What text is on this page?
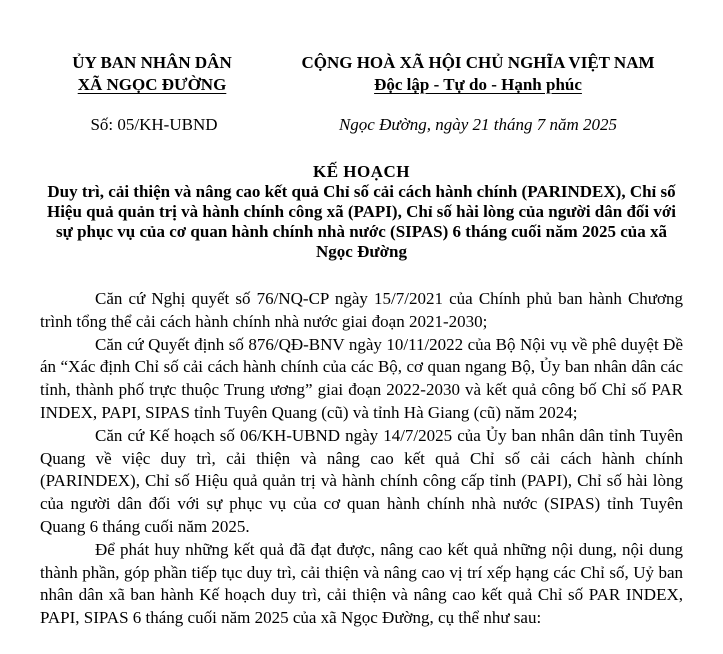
ỦY BAN NHÂN DÂN
XÃ NGỌC ĐƯỜNG
CỘNG HOÀ XÃ HỘI CHỦ NGHĨA VIỆT NAM
Độc lập - Tự do - Hạnh phúc
Số: 05/KH-UBND	Ngọc Đường, ngày 21 tháng 7 năm 2025
KẾ HOẠCH
Duy trì, cải thiện và nâng cao kết quả Chỉ số cải cách hành chính (PARINDEX), Chỉ số Hiệu quả quản trị và hành chính công xã (PAPI), Chỉ số hài lòng của người dân đối với sự phục vụ của cơ quan hành chính nhà nước (SIPAS) 6 tháng cuối năm 2025 của xã Ngọc Đường

Căn cứ Nghị quyết số 76/NQ-CP ngày 15/7/2021 của Chính phủ ban hành Chương trình tổng thể cải cách hành chính nhà nước giai đoạn 2021-2030;

Căn cứ Quyết định số 876/QĐ-BNV ngày 10/11/2022 của Bộ Nội vụ về phê duyệt Đề án “Xác định Chỉ số cải cách hành chính của các Bộ, cơ quan ngang Bộ, Ủy ban nhân dân các tỉnh, thành phố trực thuộc Trung ương” giai đoạn 2022-2030 và kết quả công bố Chỉ số PAR INDEX, PAPI, SIPAS tỉnh Tuyên Quang (cũ) và tỉnh Hà Giang (cũ) năm 2024;

Căn cứ Kế hoạch số 06/KH-UBND ngày 14/7/2025 của Ủy ban nhân dân tỉnh Tuyên Quang về việc duy trì, cải thiện và nâng cao kết quả Chỉ số cải cách hành chính (PARINDEX), Chỉ số Hiệu quả quản trị và hành chính công cấp tỉnh (PAPI), Chỉ số hài lòng của người dân đối với sự phục vụ của cơ quan hành chính nhà nước (SIPAS) tỉnh Tuyên Quang 6 tháng cuối năm 2025.

Để phát huy những kết quả đã đạt được, nâng cao kết quả những nội dung, nội dung thành phần, góp phần tiếp tục duy trì, cải thiện và nâng cao vị trí xếp hạng các Chỉ số, Uỷ ban nhân dân xã ban hành Kế hoạch duy trì, cải thiện và nâng cao kết quả Chỉ số PAR INDEX, PAPI, SIPAS 6 tháng cuối năm 2025 của xã Ngọc Đường, cụ thể như sau:
